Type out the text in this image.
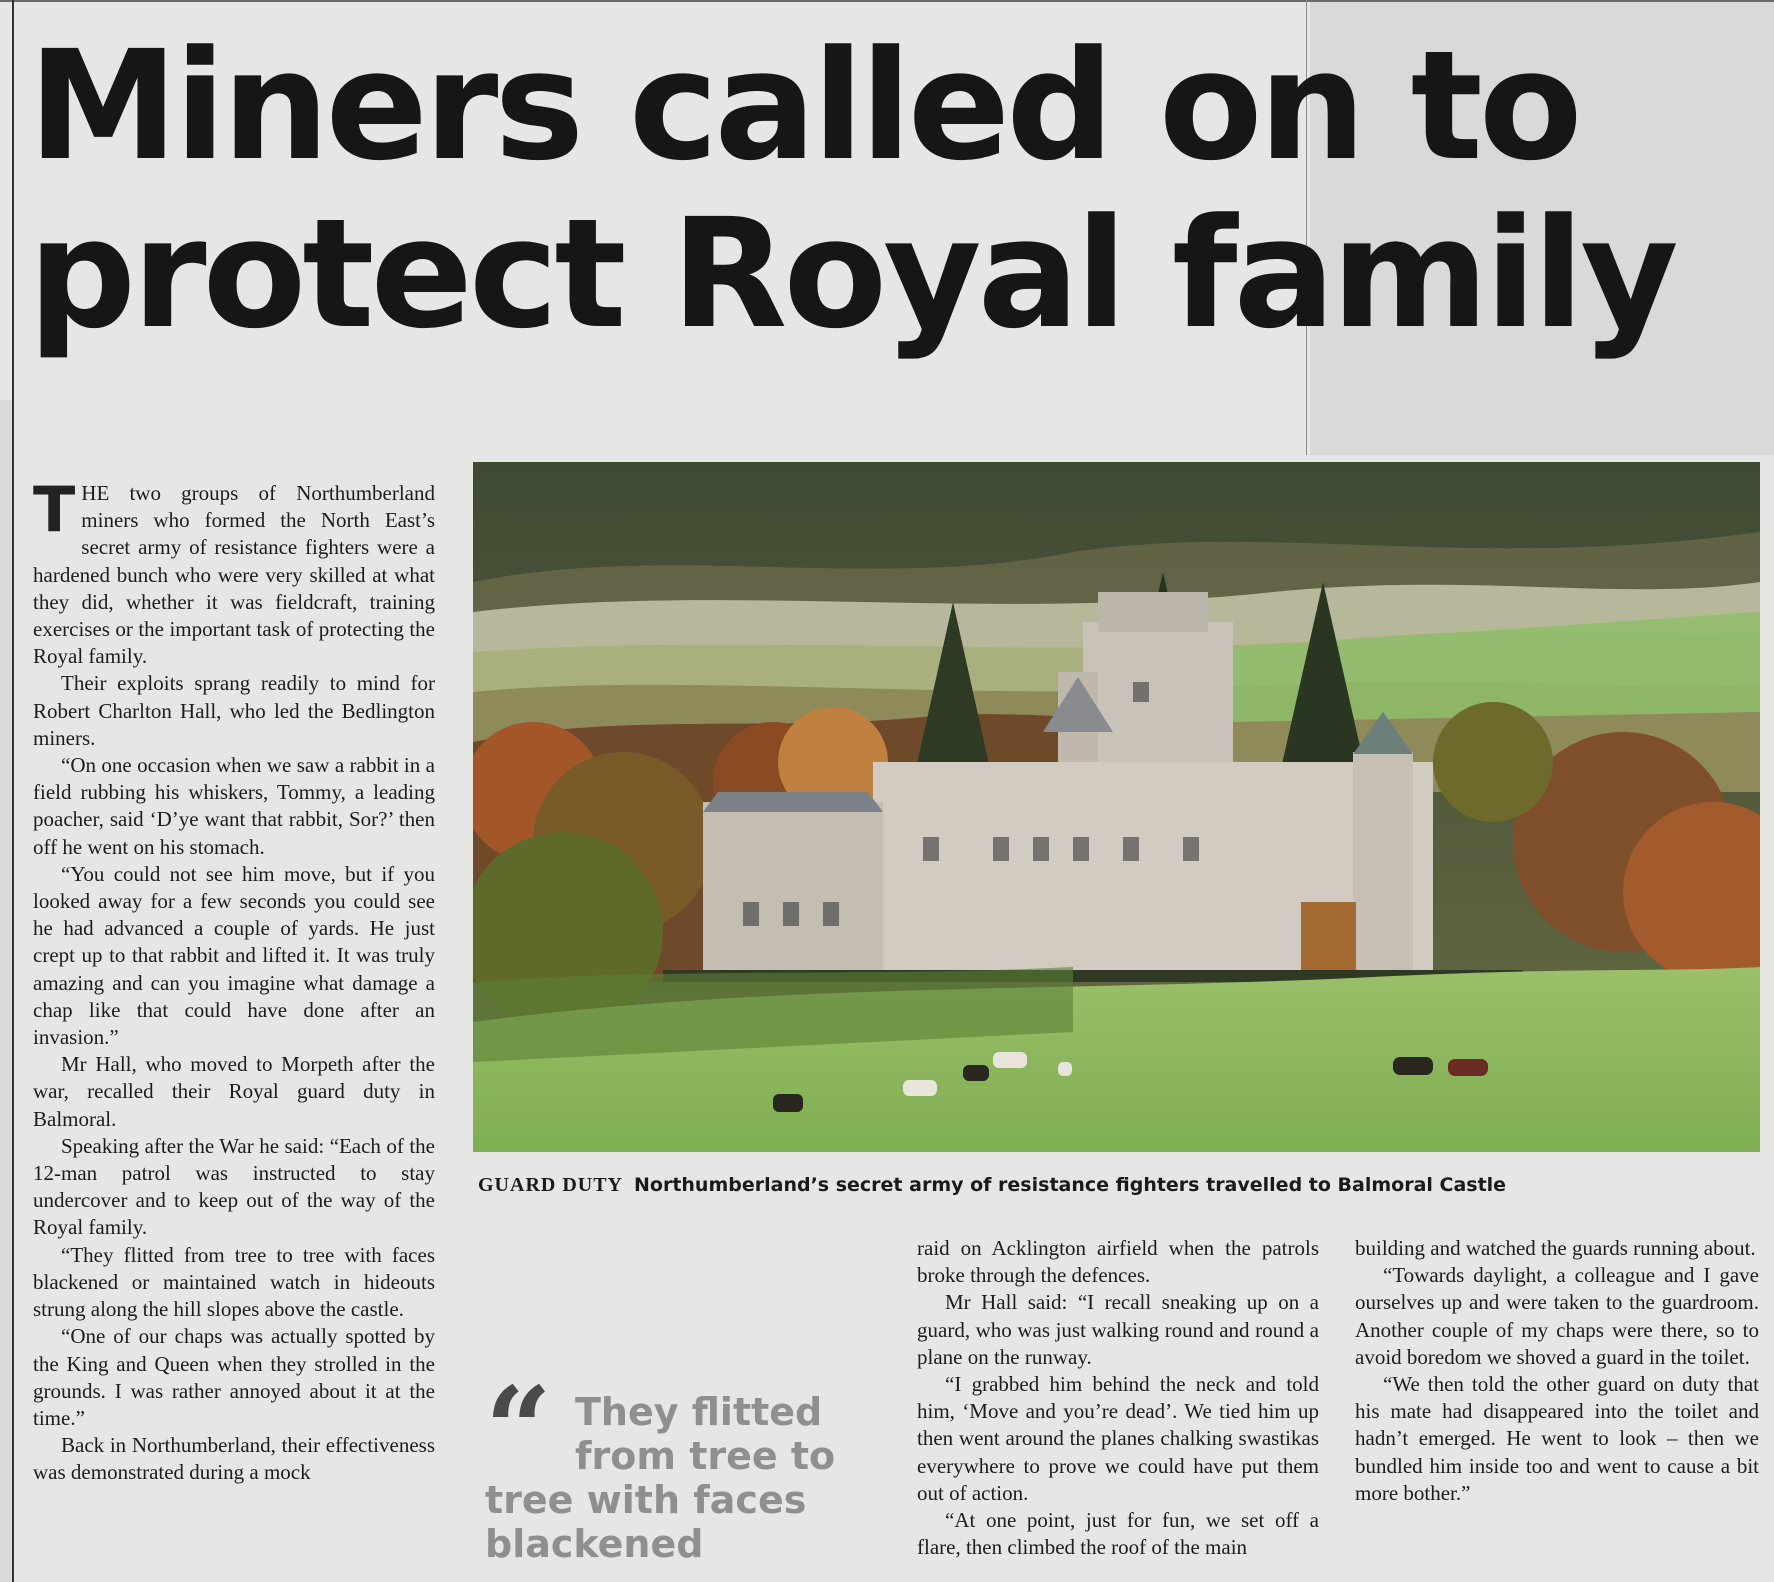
Miners called on to
protect Royal family

THE two groups of Northumberland miners who formed the North East’s secret army of resistance fighters were a hardened bunch who were very skilled at what they did, whether it was fieldcraft, training exercises or the important task of protecting the Royal family.

Their exploits sprang readily to mind for Robert Charlton Hall, who led the Bedlington miners.

“On one occasion when we saw a rabbit in a field rubbing his whiskers, Tommy, a leading poacher, said ‘D’ye want that rabbit, Sor?’ then off he went on his stomach.

“You could not see him move, but if you looked away for a few seconds you could see he had advanced a couple of yards. He just crept up to that rabbit and lifted it. It was truly amazing and can you imagine what damage a chap like that could have done after an invasion.”

Mr Hall, who moved to Morpeth after the war, recalled their Royal guard duty in Balmoral.

Speaking after the War he said: “Each of the 12-man patrol was instructed to stay undercover and to keep out of the way of the Royal family.

“They flitted from tree to tree with faces blackened or maintained watch in hideouts strung along the hill slopes above the castle.

“One of our chaps was actually spotted by the King and Queen when they strolled in the grounds. I was rather annoyed about it at the time.”

Back in Northumberland, their effectiveness was demonstrated during a mock

GUARD DUTY Northumberland’s secret army of resistance fighters travelled to Balmoral Castle
“ They flitted
from tree to
tree with faces
blackened

raid on Acklington airfield when the patrols broke through the defences.

Mr Hall said: “I recall sneaking up on a guard, who was just walking round and round a plane on the runway.

“I grabbed him behind the neck and told him, ‘Move and you’re dead’. We tied him up then went around the planes chalking swastikas everywhere to prove we could have put them out of action.

“At one point, just for fun, we set off a flare, then climbed the roof of the main

building and watched the guards running about.

“Towards daylight, a colleague and I gave ourselves up and were taken to the guardroom. Another couple of my chaps were there, so to avoid boredom we shoved a guard in the toilet.

“We then told the other guard on duty that his mate had disappeared into the toilet and hadn’t emerged. He went to look – then we bundled him inside too and went to cause a bit more bother.”
